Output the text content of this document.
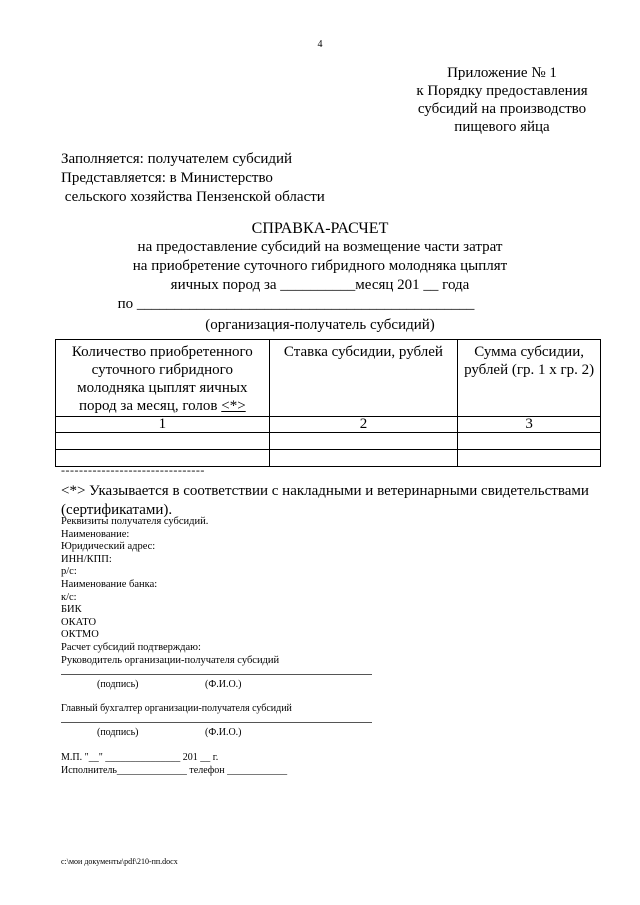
4
Приложение № 1
к Порядку предоставления
субсидий на производство
пищевого яйца
Заполняется: получателем субсидий
Представляется: в Министерство
сельского хозяйства Пензенской области
СПРАВКА-РАСЧЕТ
на предоставление субсидий на возмещение части затрат
на приобретение суточного гибридного молодняка цыплят
яичных пород за __________месяц 201 __ года
по _____________________________________________
(организация-получатель субсидий)
Количество приобретенного суточного гибридного молодняка цыплят яичных пород за месяц, голов <*>	Ставка субсидии, рублей	Сумма субсидии, рублей (гр. 1 х гр. 2)
1	2	3

--------------------------------
<*> Указывается в соответствии с накладными и ветеринарными свидетельствами (сертификатами).
Реквизиты получателя субсидий.
Наименование:
Юридический адрес:
ИНН/КПП:
р/с:
Наименование банка:
к/с:
БИК
ОКАТО
ОКТМО
Расчет субсидий подтверждаю:
Руководитель организации-получателя субсидий
(подпись)	(Ф.И.О.)
Главный бухгалтер организации-получателя субсидий
(подпись)	(Ф.И.О.)
М.П. "__" _______________ 201 __ г.
Исполнитель______________ телефон ____________
c:\мои документы\pdf\210-пп.docx
